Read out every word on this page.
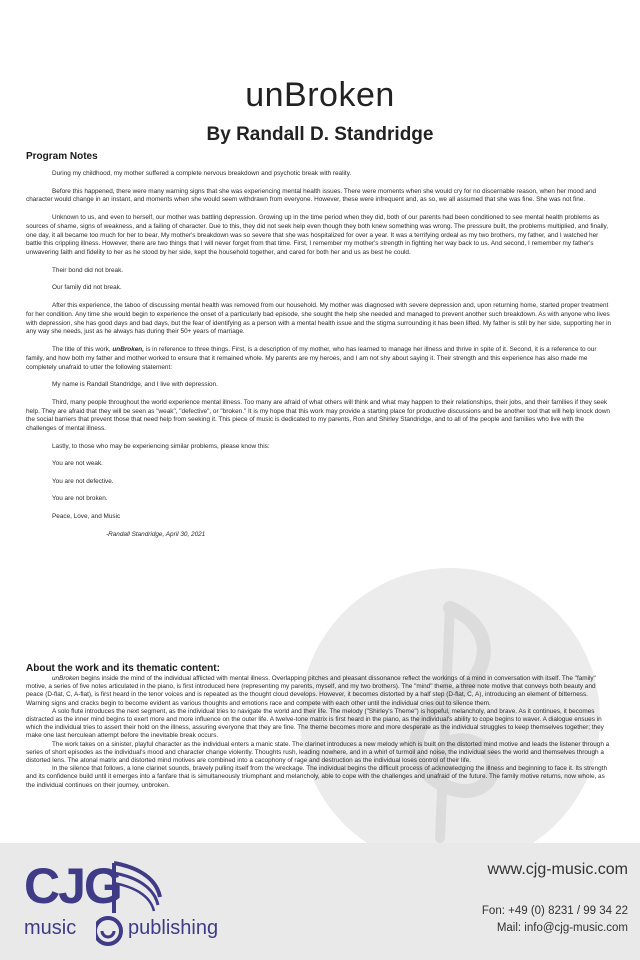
unBroken
By Randall D. Standridge
Program Notes

During my childhood, my mother suffered a complete nervous breakdown and psychotic break with reality.

Before this happened, there were many warning signs that she was experiencing mental health issues. There were moments when she would cry for no discernable reason, when her mood and character would change in an instant, and moments when she would seem withdrawn from everyone. However, these were infrequent and, as so, we all assumed that she was fine. She was not fine.

Unknown to us, and even to herself, our mother was battling depression. Growing up in the time period when they did, both of our parents had been conditioned to see mental health problems as sources of shame, signs of weakness, and a failing of character. Due to this, they did not seek help even though they both knew something was wrong. The pressure built, the problems multiplied, and finally, one day, it all became too much for her to bear. My mother's breakdown was so severe that she was hospitalized for over a year. It was a terrifying ordeal as my two brothers, my father, and I watched her battle this crippling illness. However, there are two things that I will never forget from that time. First, I remember my mother's strength in fighting her way back to us. And second, I remember my father's unwavering faith and fidelity to her as he stood by her side, kept the household together, and cared for both her and us as best he could.

Their bond did not break.

Our family did not break.

After this experience, the taboo of discussing mental health was removed from our household. My mother was diagnosed with severe depression and, upon returning home, started proper treatment for her condition. Any time she would begin to experience the onset of a particularly bad episode, she sought the help she needed and managed to prevent another such breakdown. As with anyone who lives with depression, she has good days and bad days, but the fear of identifying as a person with a mental health issue and the stigma surrounding it has been lifted. My father is still by her side, supporting her in any way she needs, just as he always has during their 50+ years of marriage.

The title of this work, unBroken, is in reference to three things. First, is a description of my mother, who has learned to manage her illness and thrive in spite of it. Second, it is a reference to our family, and how both my father and mother worked to ensure that it remained whole. My parents are my heroes, and I am not shy about saying it. Their strength and this experience has also made me completely unafraid to utter the following statement:

My name is Randall Standridge, and I live with depression.

Third, many people throughout the world experience mental illness. Too many are afraid of what others will think and what may happen to their relationships, their jobs, and their families if they seek help. They are afraid that they will be seen as "weak", "defective", or "broken." It is my hope that this work may provide a starting place for productive discussions and be another tool that will help knock down the social barriers that prevent those that need help from seeking it. This piece of music is dedicated to my parents, Ron and Shirley Standridge, and to all of the people and families who live with the challenges of mental illness.

Lastly, to those who may be experiencing similar problems, please know this:

You are not weak.

You are not defective.

You are not broken.

Peace, Love, and Music

-Randall Standridge, April 30, 2021

About the work and its thematic content:

unBroken begins inside the mind of the individual afflicted with mental illness. Overlapping pitches and pleasant dissonance reflect the workings of a mind in conversation with itself. The "family" motive, a series of five notes articulated in the piano, is first introduced here (representing my parents, myself, and my two brothers). The "mind" theme, a three note motive that conveys both beauty and peace (D-flat, C, A-flat), is first heard in the tenor voices and is repeated as the thought cloud develops. However, it becomes distorted by a half step (D-flat, C, A), introducing an element of bitterness. Warning signs and cracks begin to become evident as various thoughts and emotions race and compete with each other until the individual cries out to silence them.

A solo flute introduces the next segment, as the individual tries to navigate the world and their life. The melody ("Shirley's Theme") is hopeful, melancholy, and brave. As it continues, it becomes distracted as the inner mind begins to exert more and more influence on the outer life. A twelve-tone matrix is first heard in the piano, as the individual's ability to cope begins to waver. A dialogue ensues in which the individual tries to assert their hold on the illness, assuring everyone that they are fine. The theme becomes more and more desperate as the individual struggles to keep themselves together; they make one last herculean attempt before the inevitable break occurs.

The work takes on a sinister, playful character as the individual enters a manic state. The clarinet introduces a new melody which is built on the distorted mind motive and leads the listener through a series of short episodes as the individual's mood and character change violently. Thoughts rush, leading nowhere, and in a whirl of turmoil and noise, the individual sees the world and themselves through a distorted lens. The atonal matrix and distorted mind motives are combined into a cacophony of rage and destruction as the individual loses control of their life.

In the silence that follows, a lone clarinet sounds, bravely pulling itself from the wreckage. The individual begins the difficult process of acknowledging the illness and beginning to face it. Its strength and its confidence build until it emerges into a fanfare that is simultaneously triumphant and melancholy, able to cope with the challenges and unafraid of the future. The family motive returns, now whole, as the individual continues on their journey, unbroken.

CJG
music	publishing
www.cjg-music.com
Fon: +49 (0) 8231 / 99 34 22
Mail: info@cjg-music.com
